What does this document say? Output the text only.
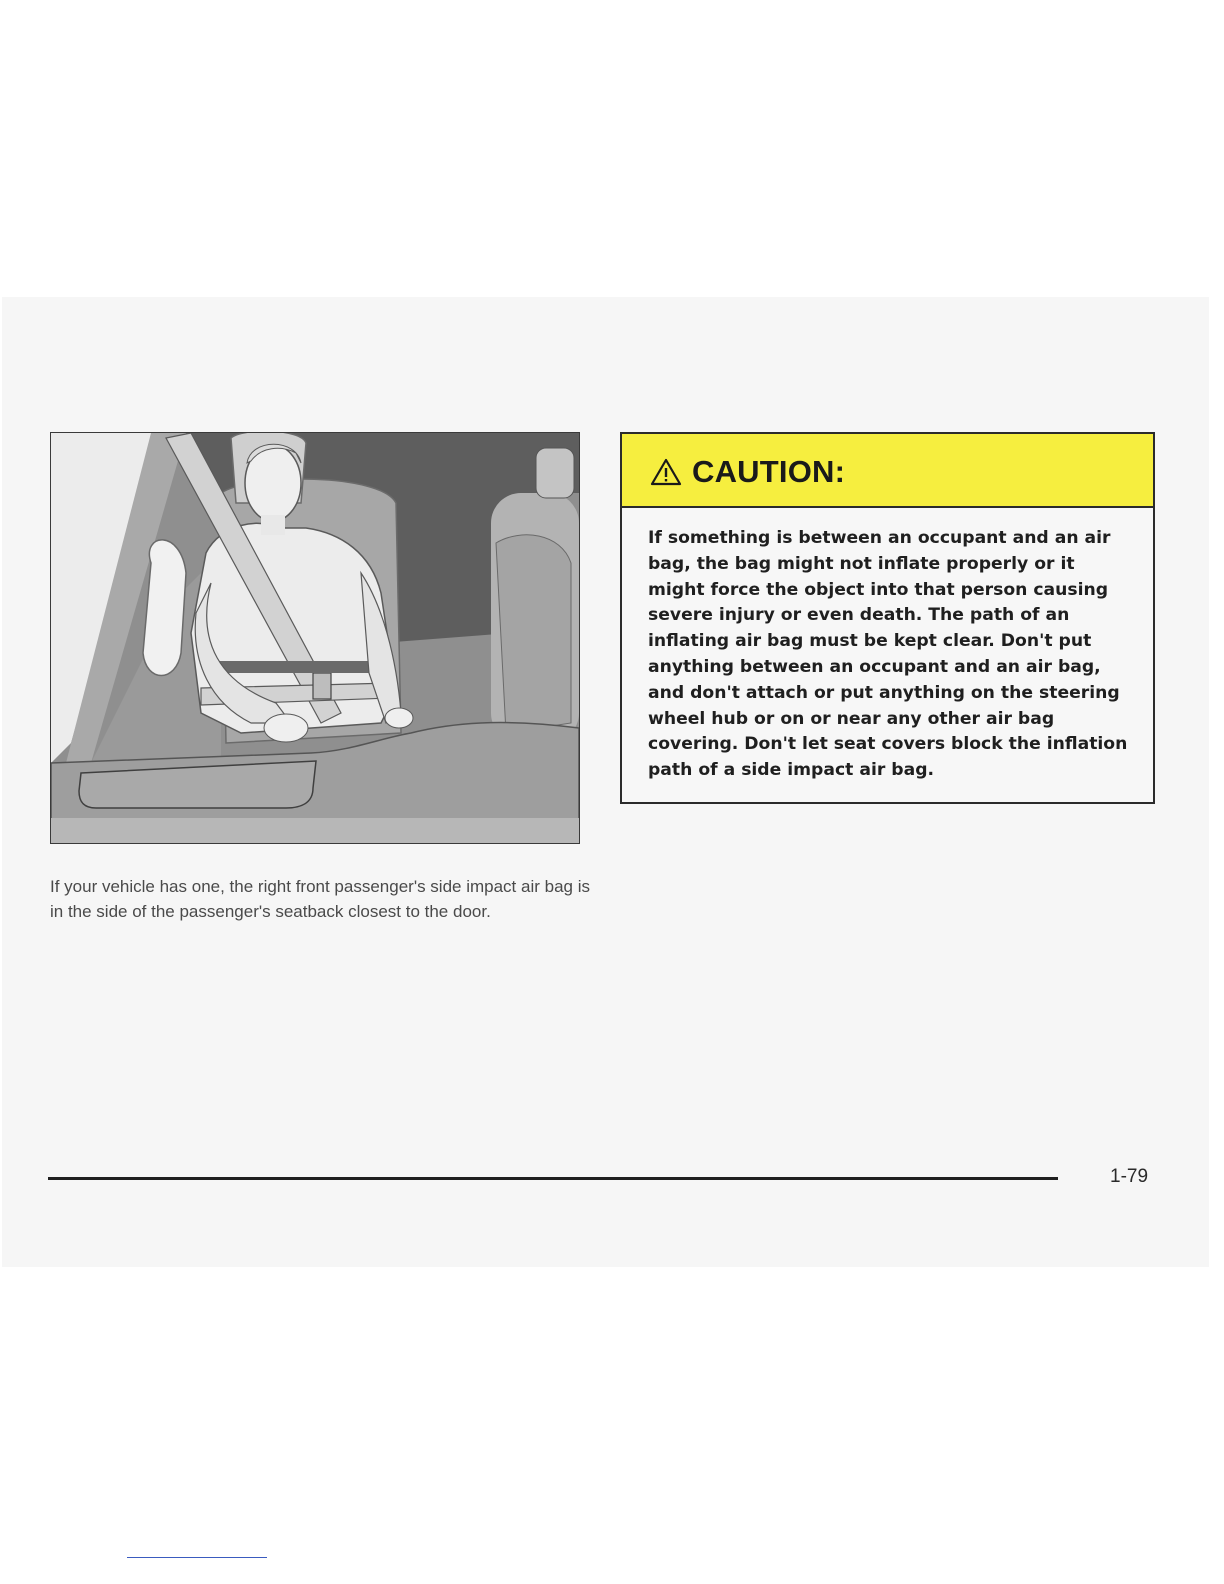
If your vehicle has one, the right front passenger's side impact air bag is in the side of the passenger's seatback closest to the door.
CAUTION:
If something is between an occupant and an air bag, the bag might not inflate properly or it might force the object into that person causing severe injury or even death. The path of an inflating air bag must be kept clear. Don't put anything between an occupant and an air bag, and don't attach or put anything on the steering wheel hub or on or near any other air bag covering. Don't let seat covers block the inflation path of a side impact air bag.
1-79
